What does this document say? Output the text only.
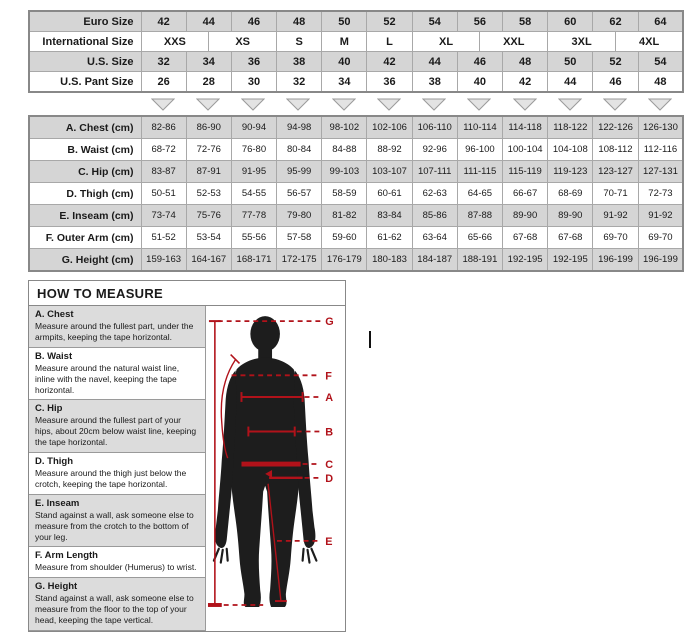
Euro Size	42	44		46	48	50	52	54	56		58	60	62		64
International Size	XXS		XS		S	M	L	XL		XXL		3XL		4XL	
U.S. Size	32	34		36	38	40	42	44	46		48	50	52		54
U.S. Pant Size	26	28		30	32	34	36	38	40		42	44	46		48
A. Chest (cm)	82-86	86-90	90-94	94-98	98-102	102-106	106-110	110-114	114-118	118-122	122-126	126-130
B. Waist (cm)	68-72	72-76	76-80	80-84	84-88	88-92	92-96	96-100	100-104	104-108	108-112	112-116
C. Hip (cm)	83-87	87-91	91-95	95-99	99-103	103-107	107-111	111-115	115-119	119-123	123-127	127-131
D. Thigh (cm)	50-51	52-53	54-55	56-57	58-59	60-61	62-63	64-65	66-67	68-69	70-71	72-73
E. Inseam (cm)	73-74	75-76	77-78	79-80	81-82	83-84	85-86	87-88	89-90	89-90	91-92	91-92
F. Outer Arm (cm)	51-52	53-54	55-56	57-58	59-60	61-62	63-64	65-66	67-68	67-68	69-70	69-70
G. Height (cm)	159-163	164-167	168-171	172-175	176-179	180-183	184-187	188-191	192-195	192-195	196-199	196-199
HOW TO MEASURE
A. Chest

Measure around the fullest part, under the armpits, keeping the tape horizontal.

B. Waist

Measure around the natural waist line, inline with the navel, keeping the tape horizontal.

C. Hip

Measure around the fullest part of your hips, about 20cm below waist line, keeping the tape horizontal.

D. Thigh

Measure around the thigh just below the crotch, keeping the tape horizontal.

E. Inseam

Stand against a wall, ask someone else to measure from the crotch to the bottom of your leg.

F. Arm Length

Measure from shoulder (Humerus) to wrist.

G. Height

Stand against a wall, ask someone else to measure from the floor to the top of your head, keeping the tape vertical.

G
F
A
B
C
D
E
